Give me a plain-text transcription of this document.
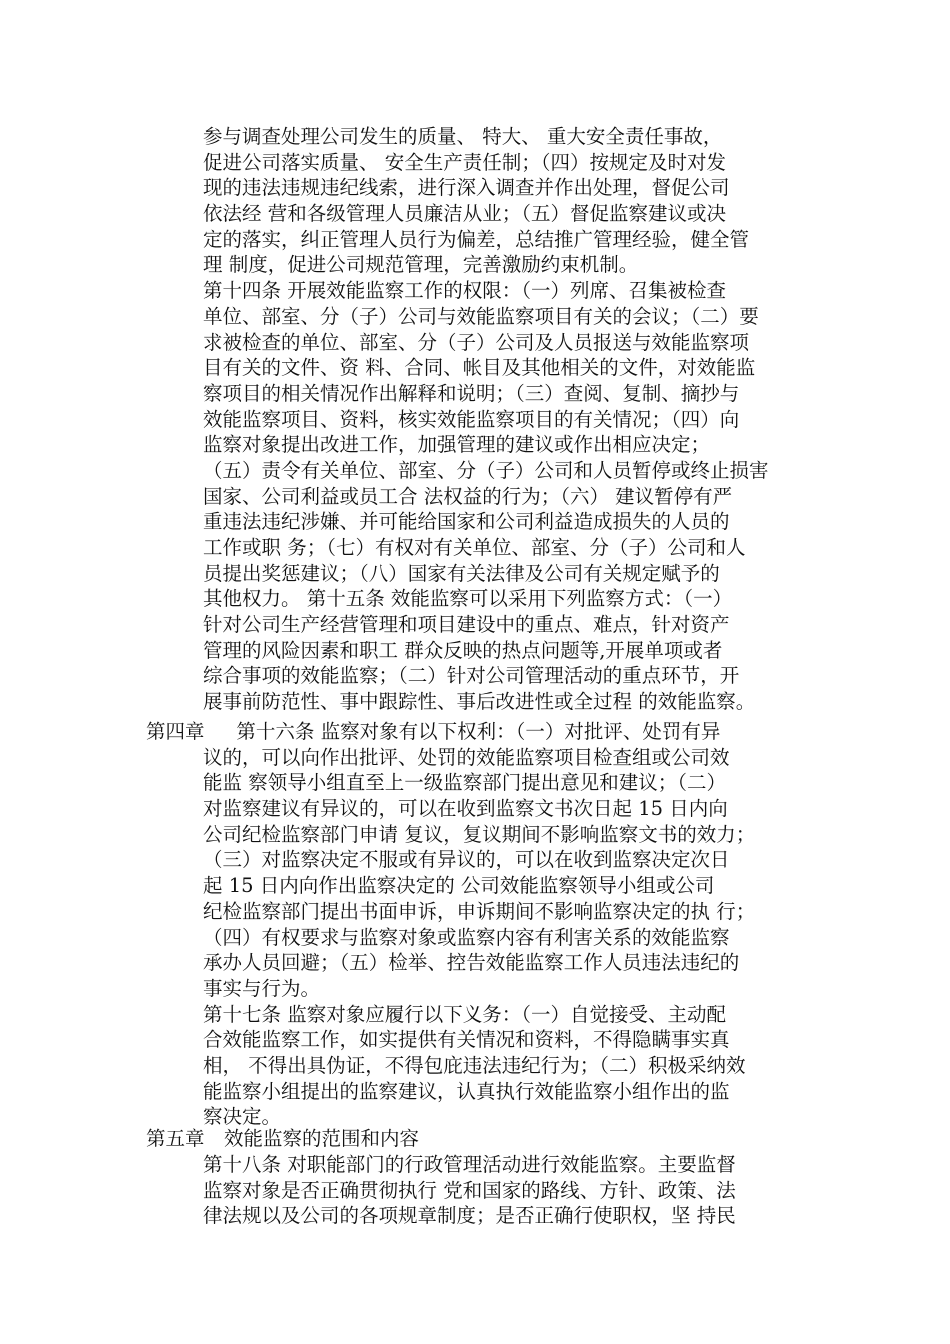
参与调查处理公司发生的质量、 特大、 重大安全责任事故，
促进公司落实质量、 安全生产责任制；（四）按规定及时对发
现的违法违规违纪线索，进行深入调查并作出处理，督促公司
依法经 营和各级管理人员廉洁从业；（五）督促监察建议或决
定的落实，纠正管理人员行为偏差，总结推广管理经验，健全管
理 制度，促进公司规范管理，完善激励约束机制。
第十四条 开展效能监察工作的权限：（一）列席、召集被检查
单位、部室、分（子）公司与效能监察项目有关的会议；（二）要
求被检查的单位、部室、分（子）公司及人员报送与效能监察项
目有关的文件、资 料、合同、帐目及其他相关的文件，对效能监
察项目的相关情况作出解释和说明；（三）查阅、复制、摘抄与
效能监察项目、资料，核实效能监察项目的有关情况；（四）向
监察对象提出改进工作，加强管理的建议或作出相应决定；
（五）责令有关单位、部室、分（子）公司和人员暂停或终止损害
国家、公司利益或员工合 法权益的行为；（六） 建议暂停有严
重违法违纪涉嫌、并可能给国家和公司利益造成损失的人员的
工作或职 务；（七）有权对有关单位、部室、分（子）公司和人
员提出奖惩建议；（八）国家有关法律及公司有关规定赋予的
其他权力。 第十五条 效能监察可以采用下列监察方式：（一）
针对公司生产经营管理和项目建设中的重点、难点，针对资产
管理的风险因素和职工 群众反映的热点问题等,开展单项或者
综合事项的效能监察；（二）针对公司管理活动的重点环节，开
展事前防范性、事中跟踪性、事后改进性或全过程 的效能监察。
第四章 　 第十六条 监察对象有以下权利：（一）对批评、处罚有异
议的，可以向作出批评、处罚的效能监察项目检查组或公司效
能监 察领导小组直至上一级监察部门提出意见和建议；（二）
对监察建议有异议的，可以在收到监察文书次日起 15 日内向
公司纪检监察部门申请 复议，复议期间不影响监察文书的效力；
（三）对监察决定不服或有异议的，可以在收到监察决定次日
起 15 日内向作出监察决定的 公司效能监察领导小组或公司
纪检监察部门提出书面申诉，申诉期间不影响监察决定的执 行；
（四）有权要求与监察对象或监察内容有利害关系的效能监察
承办人员回避；（五）检举、控告效能监察工作人员违法违纪的
事实与行为。
第十七条 监察对象应履行以下义务：（一）自觉接受、主动配
合效能监察工作，如实提供有关情况和资料，不得隐瞒事实真
相， 不得出具伪证，不得包庇违法违纪行为；（二）积极采纳效
能监察小组提出的监察建议，认真执行效能监察小组作出的监
察决定。
第五章　效能监察的范围和内容
第十八条 对职能部门的行政管理活动进行效能监察。主要监督
监察对象是否正确贯彻执行 党和国家的路线、方针、政策、法
律法规以及公司的各项规章制度；是否正确行使职权，坚 持民
